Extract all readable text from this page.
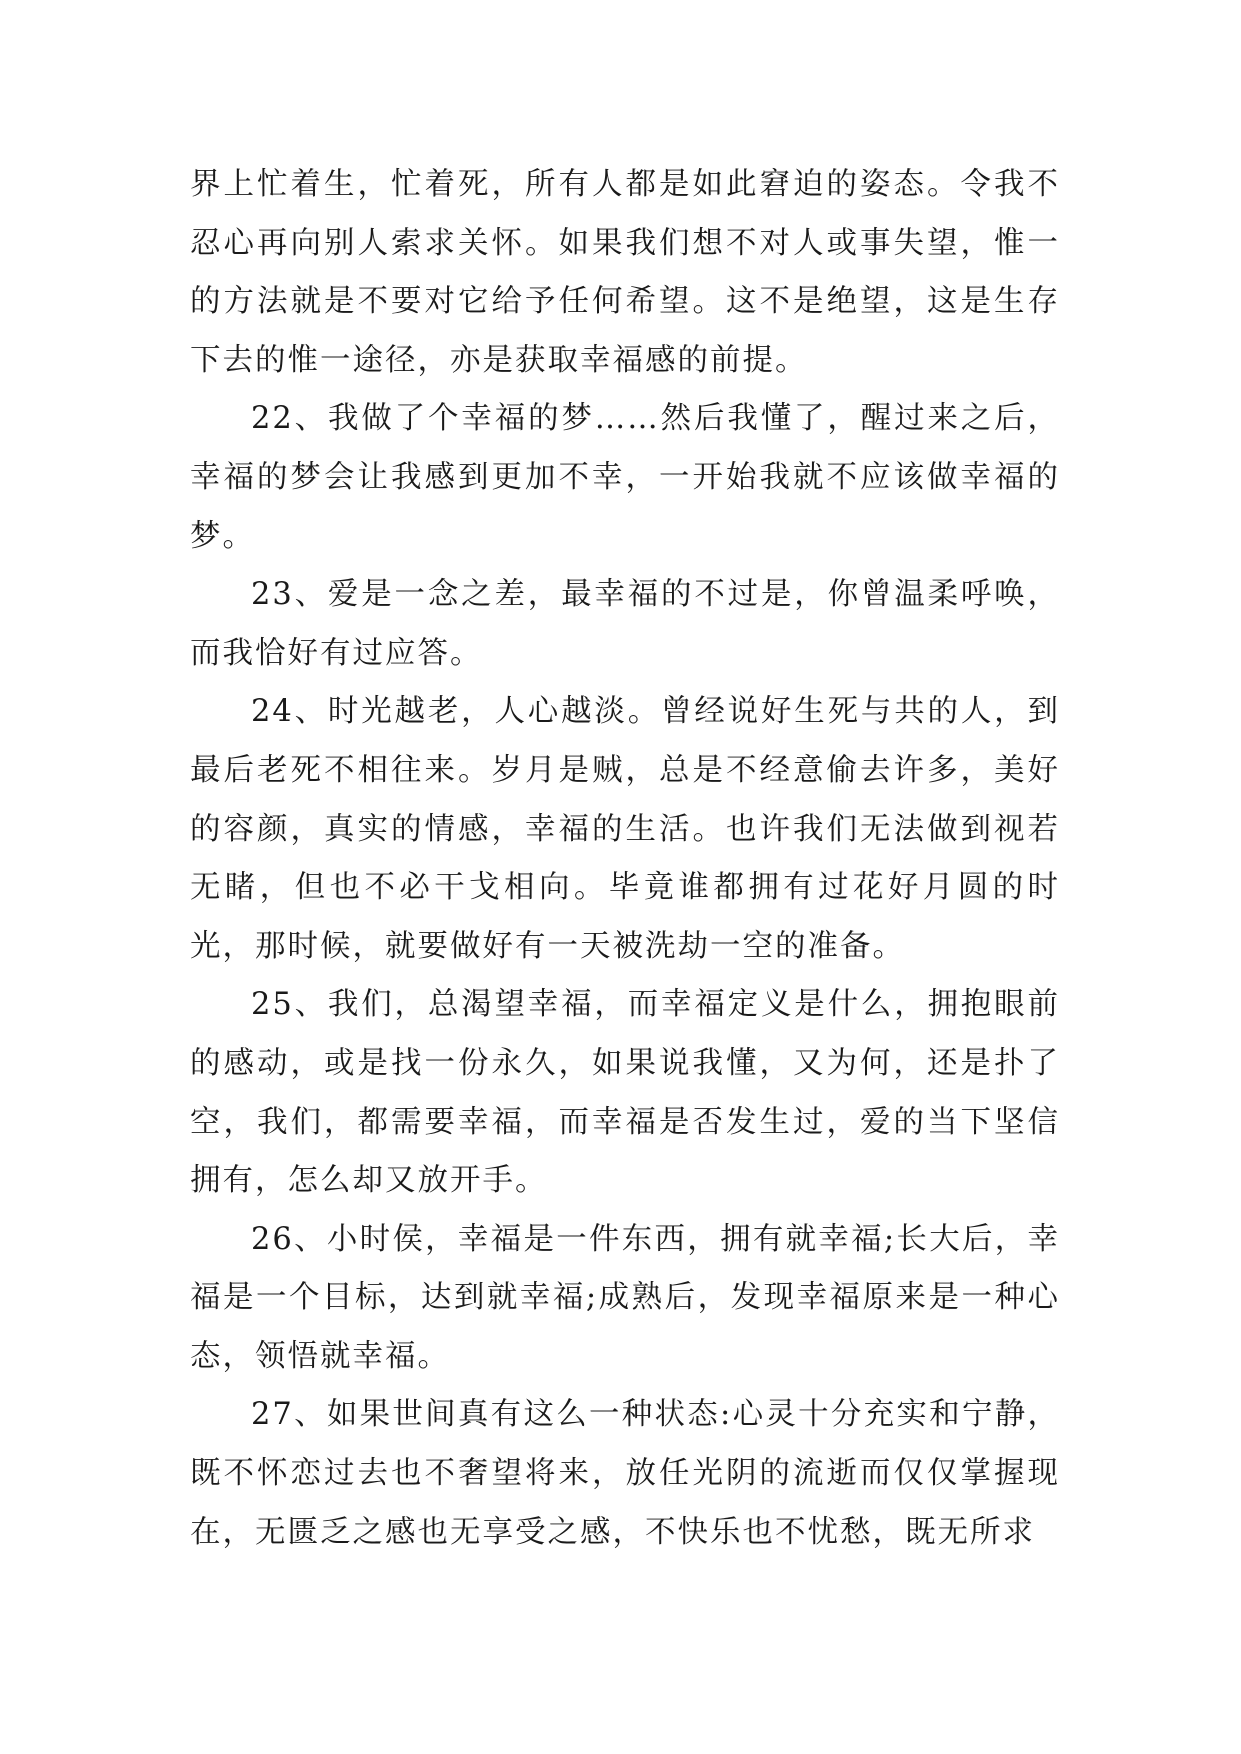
界上忙着生，忙着死，所有人都是如此窘迫的姿态。令我不忍心再向别人索求关怀。如果我们想不对人或事失望，惟一的方法就是不要对它给予任何希望。这不是绝望，这是生存下去的惟一途径，亦是获取幸福感的前提。

22、我做了个幸福的梦……然后我懂了，醒过来之后，幸福的梦会让我感到更加不幸，一开始我就不应该做幸福的梦。

23、爱是一念之差，最幸福的不过是，你曾温柔呼唤，而我恰好有过应答。

24、时光越老，人心越淡。曾经说好生死与共的人，到最后老死不相往来。岁月是贼，总是不经意偷去许多，美好的容颜，真实的情感，幸福的生活。也许我们无法做到视若无睹，但也不必干戈相向。毕竟谁都拥有过花好月圆的时光，那时候，就要做好有一天被洗劫一空的准备。

25、我们，总渴望幸福，而幸福定义是什么，拥抱眼前的感动，或是找一份永久，如果说我懂，又为何，还是扑了空，我们，都需要幸福，而幸福是否发生过，爱的当下坚信拥有，怎么却又放开手。

26、小时侯，幸福是一件东西，拥有就幸福;长大后，幸福是一个目标，达到就幸福;成熟后，发现幸福原来是一种心态，领悟就幸福。

27、如果世间真有这么一种状态:心灵十分充实和宁静，既不怀恋过去也不奢望将来，放任光阴的流逝而仅仅掌握现在，无匮乏之感也无享受之感，不快乐也不忧愁，既无所求
